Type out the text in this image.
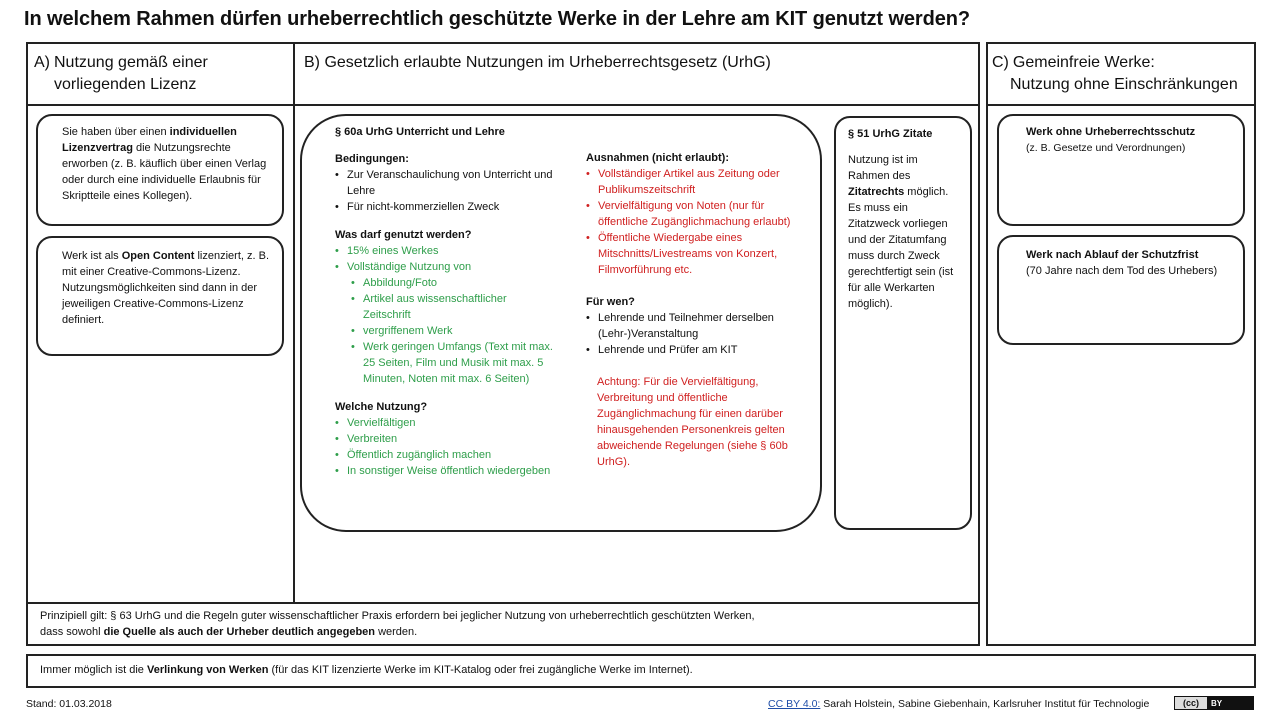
In welchem Rahmen dürfen urheberrechtlich geschützte Werke in der Lehre am KIT genutzt werden?
A) Nutzung gemäß einer
vorliegenden Lizenz
B) Gesetzlich erlaubte Nutzungen im Urheberrechtsgesetz (UrhG)	C) Gemeinfreie Werke:
Nutzung ohne Einschränkungen
Sie haben über einen individuellen Lizenzvertrag die Nutzungsrechte erworben (z. B. käuflich über einen Verlag oder durch eine individuelle Erlaubnis für Skriptteile eines Kollegen).
Werk ist als Open Content lizenziert, z. B. mit einer Creative-Commons-Lizenz.
Nutzungsmöglichkeiten sind dann in der jeweiligen Creative-Commons-Lizenz definiert.
§ 60a UrhG Unterricht und Lehre
Bedingungen:
• Zur Veranschaulichung von Unterricht und Lehre
• Für nicht-kommerziellen Zweck
Was darf genutzt werden?
• 15% eines Werkes
• Vollständige Nutzung von
• Abbildung/Foto
• Artikel aus wissenschaftlicher Zeitschrift
• vergriffenem Werk
• Werk geringen Umfangs (Text mit max. 25 Seiten, Film und Musik mit max. 5 Minuten, Noten mit max. 6 Seiten)
Welche Nutzung?
• Vervielfältigen
• Verbreiten
• Öffentlich zugänglich machen
• In sonstiger Weise öffentlich wiedergeben
Ausnahmen (nicht erlaubt):
• Vollständiger Artikel aus Zeitung oder Publikumszeitschrift
• Vervielfältigung von Noten (nur für öffentliche Zugänglichmachung erlaubt)
• Öffentliche Wiedergabe eines Mitschnitts/Livestreams von Konzert, Filmvorführung etc.
Für wen?
• Lehrende und Teilnehmer derselben (Lehr-)Veranstaltung
• Lehrende und Prüfer am KIT
Achtung: Für die Vervielfältigung, Verbreitung und öffentliche Zugänglichmachung für einen darüber hinausgehenden Personenkreis gelten abweichende Regelungen (siehe § 60b UrhG).
§ 51 UrhG Zitate
Nutzung ist im Rahmen des Zitatrechts möglich. Es muss ein Zitatzweck vorliegen und der Zitatumfang muss durch Zweck gerechtfertigt sein (ist für alle Werkarten möglich).
Werk ohne Urheberrechtsschutz
(z. B. Gesetze und Verordnungen)
Werk nach Ablauf der Schutzfrist
(70 Jahre nach dem Tod des Urhebers)
Prinzipiell gilt: § 63 UrhG und die Regeln guter wissenschaftlicher Praxis erfordern bei jeglicher Nutzung von urheberrechtlich geschützten Werken,
dass sowohl die Quelle als auch der Urheber deutlich angegeben werden.
Immer möglich ist die Verlinkung von Werken (für das KIT lizenzierte Werke im KIT-Katalog oder frei zugängliche Werke im Internet).
Stand: 01.03.2018	CC BY 4.0: Sarah Holstein, Sabine Giebenhain, Karlsruher Institut für Technologie	(cc)	BY
